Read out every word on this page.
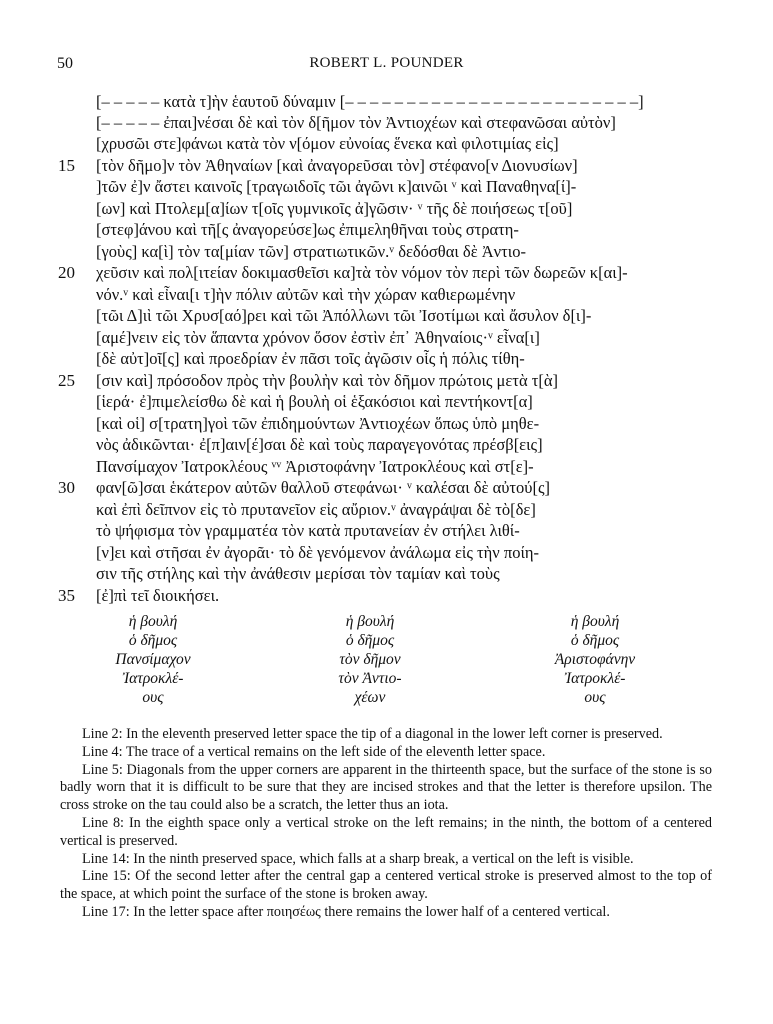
50	ROBERT L. POUNDER
[– – – – – κατὰ τ]ὴν ἑαυτοῦ δύναμιν [– – – – – – – – – – – – – – – – – – – – – – – –]
[– – – – – ἐπαι]νέσαι δὲ καὶ τὸν δ[ῆμον τὸν Ἀντιοχέων καὶ στεφανῶσαι αὐτὸν]
[χρυσῶι στε]φάνωι κατὰ τὸν ν[όμον εὐνοίας ἕνεκα καὶ φιλοτιμίας εἰς]
15 [τὸν δῆμο]ν τὸν Ἀθηναίων [καὶ ἀναγορεῦσαι τὸν] στέφανο[ν Διονυσίων]
]τῶν ἐ]ν ἄστει καινοῖς [τραγωιδοῖς τῶι ἀγῶνι κ]αινῶι ᵛ καὶ Παναθηνα[ί]-
[ων] καὶ Πτολεμ[α]ίων τ[οῖς γυμνικοῖς ἀ]γῶσιν· ᵛ τῆς δὲ ποιήσεως τ[οῦ]
[στεφ]άνου καὶ τῆ[ς ἀναγορεύσε]ως ἐπιμεληθῆναι τοὺς στρατη-
[γοὺς] κα[ὶ] τὸν τα[μίαν τῶν] στρατιωτικῶν.ᵛ δεδόσθαι δὲ Ἀντιο-
20 χεῦσιν καὶ πολ[ιτείαν δοκιμασθεῖσι κα]τὰ τὸν νόμον τὸν περὶ τῶν δωρεῶν κ[αι]-
νόν.ᵛ καὶ εἶναι[ι τ]ὴν πόλιν αὐτῶν καὶ τὴν χώραν καθιερωμένην
[τῶι Δ]ιὶ τῶι Χρυσ[αό]ρει καὶ τῶι Ἀπόλλωνι τῶι Ἰσοτίμωι καὶ ἄσυλον δ[ι]-
[αμέ]νειν εἰς τὸν ἅπαντα χρόνον ὅσον ἐστὶν ἐπ᾽ Ἀθηναίοις·ᵛ εἶνα[ι]
[δὲ αὐτ]οῖ[ς] καὶ προεδρίαν ἐν πᾶσι τοῖς ἀγῶσιν οἷς ἡ πόλις τίθη-
25 [σιν καὶ] πρόσοδον πρὸς τὴν βουλὴν καὶ τὸν δῆμον πρώτοις μετὰ τ[ὰ]
[ἱερά· ἐ]πιμελείσθω δὲ καὶ ἡ βουλὴ οἱ ἑξακόσιοι καὶ πεντήκοντ[α]
[καὶ οἱ] σ[τρατη]γοὶ τῶν ἐπιδημούντων Ἀντιοχέων ὅπως ὑπὸ μηθε-
νὸς ἀδικῶνται· ἐ[π]αιν[έ]σαι δὲ καὶ τοὺς παραγεγονότας πρέσβ[εις]
Πανσίμαχον Ἰατροκλέους ᵛᵛ Ἀριστοφάνην Ἰατροκλέους καὶ στ[ε]-
30 φαν[ῶ]σαι ἑκάτερον αὐτῶν θαλλοῦ στεφάνωι· ᵛ καλέσαι δὲ αὐτού[ς]
καὶ ἐπὶ δεῖπνον εἰς τὸ πρυτανεῖον εἰς αὔριον.ᵛ ἀναγράψαι δὲ τὸ[δε]
τὸ ψήφισμα τὸν γραμματέα τὸν κατὰ πρυτανείαν ἐν στήλει λιθί-
[ν]ει καὶ στῆσαι ἐν ἀγορᾶι· τὸ δὲ γενόμενον ἀνάλωμα εἰς τὴν ποίη-
σιν τῆς στήλης καὶ τὴν ἀνάθεσιν μερίσαι τὸν ταμίαν καὶ τοὺς
35 [ἐ]πὶ τεῖ διοικήσει.
ἡ βουλή
ὁ δῆμος
Πανσίμαχον
Ἰατροκλέ-
ους
ἡ βουλή
ὁ δῆμος
τὸν δῆμον
τὸν Ἀντιο-
χέων
ἡ βουλή
ὁ δῆμος
Ἀριστοφάνην
Ἰατροκλέ-
ους

Line 2: In the eleventh preserved letter space the tip of a diagonal in the lower left corner is preserved.

Line 4: The trace of a vertical remains on the left side of the eleventh letter space.

Line 5: Diagonals from the upper corners are apparent in the thirteenth space, but the surface of the stone is so badly worn that it is difficult to be sure that they are incised strokes and that the letter is therefore upsilon. The cross stroke on the tau could also be a scratch, the letter thus an iota.

Line 8: In the eighth space only a vertical stroke on the left remains; in the ninth, the bottom of a centered vertical is preserved.

Line 14: In the ninth preserved space, which falls at a sharp break, a vertical on the left is visible.

Line 15: Of the second letter after the central gap a centered vertical stroke is preserved almost to the top of the space, at which point the surface of the stone is broken away.

Line 17: In the letter space after ποιησέως there remains the lower half of a centered vertical.
